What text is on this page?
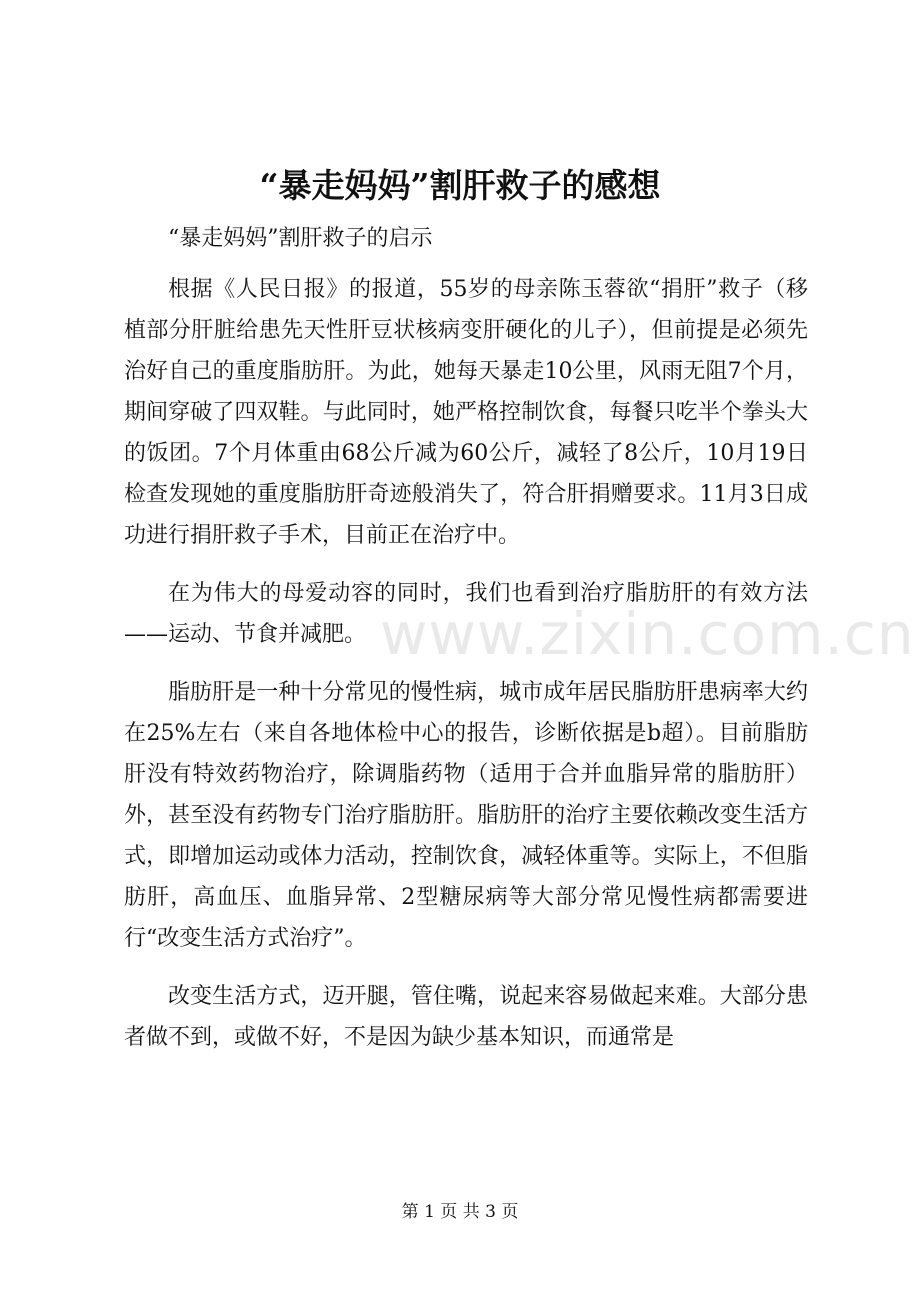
www.zixin.com.cn
“暴走妈妈”割肝救子的感想

“暴走妈妈”割肝救子的启示

根据《人民日报》的报道，55岁的母亲陈玉蓉欲“捐肝”救子（移植部分肝脏给患先天性肝豆状核病变肝硬化的儿子），但前提是必须先治好自己的重度脂肪肝。为此，她每天暴走10公里，风雨无阻7个月，期间穿破了四双鞋。与此同时，她严格控制饮食，每餐只吃半个拳头大的饭团。7个月体重由68公斤减为60公斤，减轻了8公斤，10月19日检查发现她的重度脂肪肝奇迹般消失了，符合肝捐赠要求。11月3日成功进行捐肝救子手术，目前正在治疗中。

在为伟大的母爱动容的同时，我们也看到治疗脂肪肝的有效方法——运动、节食并减肥。

脂肪肝是一种十分常见的慢性病，城市成年居民脂肪肝患病率大约在25%左右（来自各地体检中心的报告，诊断依据是b超）。目前脂肪肝没有特效药物治疗，除调脂药物（适用于合并血脂异常的脂肪肝）外，甚至没有药物专门治疗脂肪肝。脂肪肝的治疗主要依赖改变生活方式，即增加运动或体力活动，控制饮食，减轻体重等。实际上，不但脂肪肝，高血压、血脂异常、2型糖尿病等大部分常见慢性病都需要进行“改变生活方式治疗”。

改变生活方式，迈开腿，管住嘴，说起来容易做起来难。大部分患者做不到，或做不好，不是因为缺少基本知识，而通常是

第 1 页 共 3 页
